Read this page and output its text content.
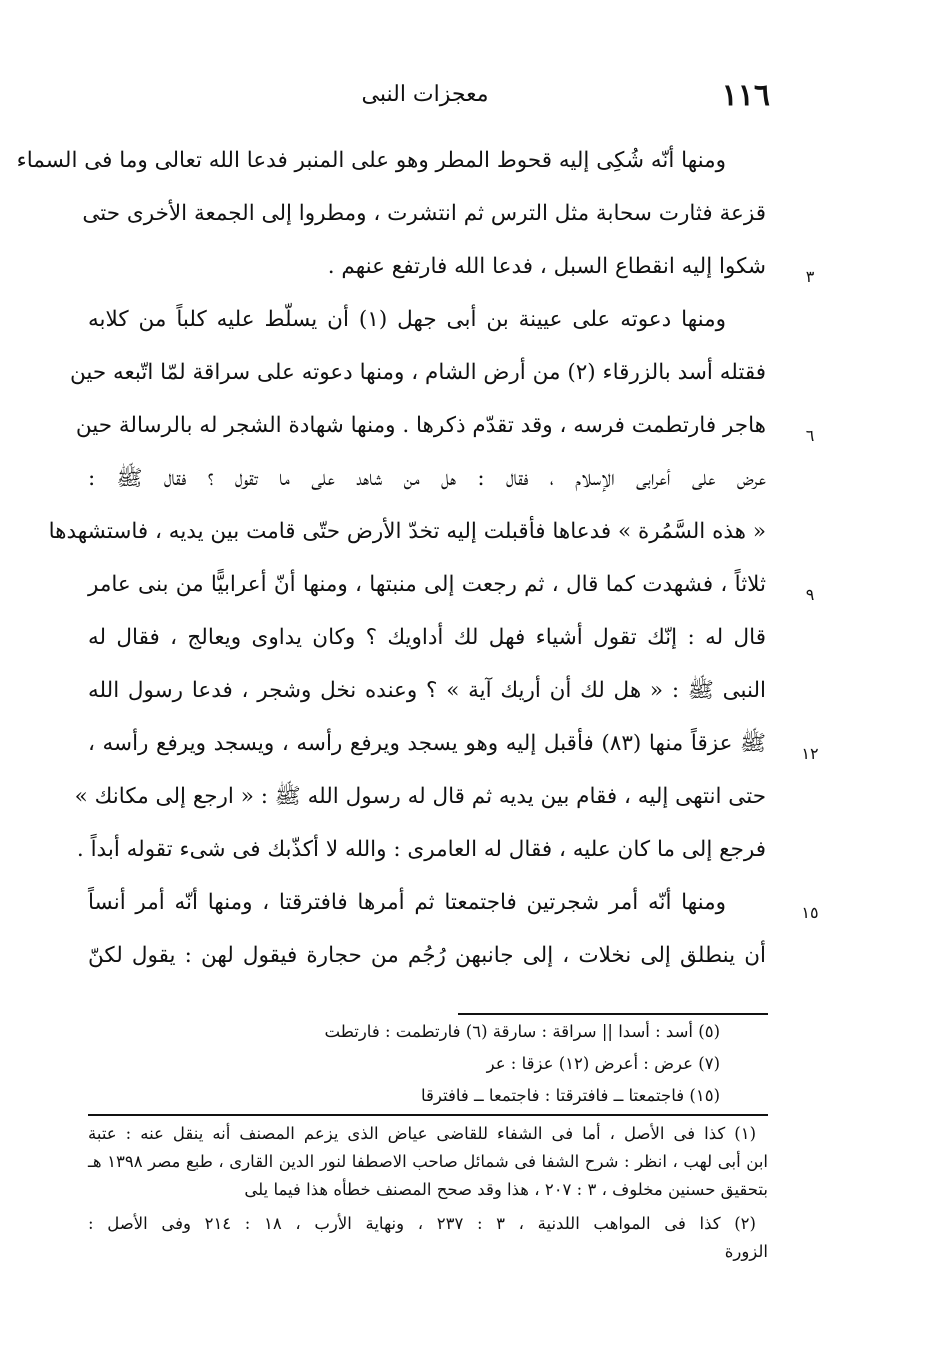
١١٦
معجزات النبى
ومنها أنّه شُكِى إليه قحوط المطر وهو على المنبر فدعا الله تعالى وما فى السماء
قزعة فثارت سحابة مثل الترس ثم انتشرت ، ومطروا إلى الجمعة الأخرى حتى
شكوا إليه انقطاع السبل ، فدعا الله فارتفع عنهم .
ومنها دعوته على عيينة بن أبى جهل (١) أن يسلّط عليه كلباً من كلابه
فقتله أسد بالزرقاء (٢) من أرض الشام ، ومنها دعوته على سراقة لمّا اتّبعه حين
هاجر فارتطمت فرسه ، وقد تقدّم ذكرها . ومنها شهادة الشجر له بالرسالة حين
عرض على أعرابى الإسلام ، فقال : هل من شاهد على ما تقول ؟ فقال ﷺ :
« هذه السَّمُرة » فدعاها فأقبلت إليه تخدّ الأرض حتّى قامت بين يديه ، فاستشهدها
ثلاثاً ، فشهدت كما قال ، ثم رجعت إلى منبتها ، ومنها أنّ أعرابيًّا من بنى عامر
قال له : إنّك تقول أشياء فهل لك أداويك ؟ وكان يداوى ويعالج ، فقال له
النبى ﷺ : « هل لك أن أريك آية » ؟ وعنده نخل وشجر ، فدعا رسول الله
ﷺ عزقاً منها (٨٣) فأقبل إليه وهو يسجد ويرفع رأسه ، ويسجد ويرفع رأسه ،
حتى انتهى إليه ، فقام بين يديه ثم قال له رسول الله ﷺ : « ارجع إلى مكانك »
فرجع إلى ما كان عليه ، فقال له العامرى : والله لا أكذّبك فى شىء تقوله أبداً .
ومنها أنّه أمر شجرتين فاجتمعتا ثم أمرها فافترقتا ، ومنها أنّه أمر أنساً
أن ينطلق إلى نخلات ، إلى جانبهن رُجُم من حجارة فيقول لهن : يقول لكنّ
٣
٦
٩
١٢
١٥
(٥) أسد : أسدا || سراقة : سارقة (٦) فارتطمت : فارتطت
(٧) عرض : أعرض (١٢) عزقا : عر
(١٥) فاجتمعتا ــ فافترقتا : فاجتمعا ــ فافترقا
(١) كذا فى الأصل ، أما فى الشفاء للقاضى عياض الذى يزعم المصنف أنه ينقل عنه : عتبة
ابن أبى لهب ، انظر : شرح الشفا فى شمائل صاحب الاصطفا لنور الدين القارى ، طبع مصر ١٣٩٨ هـ
بتحقيق حسنين مخلوف ، ٣ : ٢٠٧ ، هذا وقد صحح المصنف خطأه هذا فيما يلى
(٢) كذا فى المواهب اللدنية ، ٣ : ٢٣٧ ، ونهاية الأرب ، ١٨ : ٢١٤ وفى الأصل :
الزورة
